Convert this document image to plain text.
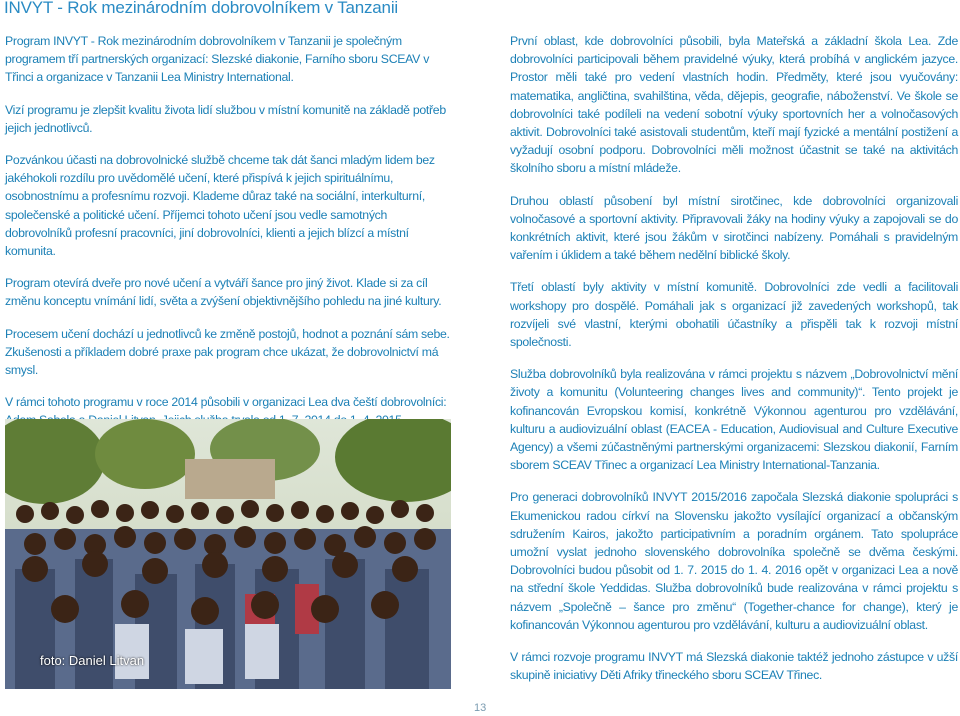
INVYT - Rok mezinárodním dobrovolníkem v Tanzanii

Program INVYT - Rok mezinárodním dobrovolníkem v Tanzanii je společným programem tří partnerských organizací: Slezské diakonie, Farního sboru SCEAV v Třinci a organizace v Tanzanii Lea Ministry International.

Vizí programu je zlepšit kvalitu života lidí službou v místní komunitě na základě potřeb jejich jednotlivců.

Pozvánkou účasti na dobrovolnické službě chceme tak dát šanci mladým lidem bez jakéhokoli rozdílu pro uvědomělé učení, které přispívá k jejich spirituálnímu, osobnostnímu a profesnímu rozvoji. Klademe důraz také na sociální, interkulturní, společenské a politické učení. Příjemci tohoto učení jsou vedle samotných dobrovolníků profesní pracovníci, jiní dobrovolníci, klienti a jejich blízcí a místní komunita.

Program otevírá dveře pro nové učení a vytváří šance pro jiný život. Klade si za cíl změnu konceptu vnímání lidí, světa a zvýšení objektivnějšího pohledu na jiné kultury.

Procesem učení dochází u jednotlivců ke změně postojů, hodnot a poznání sám sebe. Zkušenosti a příkladem dobré praxe pak program chce ukázat, že dobrovolnictví má smysl.

V rámci tohoto programu v roce 2014 působili v organizaci Lea dva čeští dobrovolníci:

foto: Daniel Litvan

První oblast, kde dobrovolníci působili, byla Mateřská a základní škola Lea. Zde dobrovolníci participovali během pravidelné výuky, která probíhá v anglickém jazyce. Prostor měli také pro vedení vlastních hodin. Předměty, které jsou vyučovány: matematika, angličtina, svahilština, věda, dějepis, geografie, náboženství. Ve škole se dobrovolníci také podíleli na vedení sobotní výuky sportovních her a volnočasových aktivit. Dobrovolníci také asistovali studentům, kteří mají fyzické a mentální postižení a vyžadují osobní podporu. Dobrovolníci měli možnost účastnit se také na aktivitách školního sboru a místní mládeže.

Druhou oblastí působení byl místní sirotčinec, kde dobrovolníci organizovali volnočasové a sportovní aktivity. Připravovali žáky na hodiny výuky a zapojovali se do konkrétních aktivit, které jsou žákům v sirotčinci nabízeny. Pomáhali s pravidelným vařením i úklidem a také během nedělní biblické školy.

Třetí oblastí byly aktivity v místní komunitě. Dobrovolníci zde vedli a facilitovali workshopy pro dospělé. Pomáhali jak s organizací již zavedených workshopů, tak rozvíjeli své vlastní, kterými obohatili účastníky a přispěli tak k rozvoji místní společnosti.

Služba dobrovolníků byla realizována v rámci projektu s názvem „Dobrovolnictví mění životy a komunitu (Volunteering changes lives and community)“. Tento projekt je kofinancován Evropskou komisí, konkrétně Výkonnou agenturou pro vzdělávání, kulturu a audiovizuální oblast (EACEA - Education, Audiovisual and Culture Executive Agency) a všemi zúčastněnými partnerskými organizacemi: Slezskou diakonií, Farním sborem SCEAV Třinec a organizací Lea Ministry International-Tanzania.

Pro generaci dobrovolníků INVYT 2015/2016 započala Slezská diakonie spolupráci s Ekumenickou radou církví na Slovensku jakožto vysílající organizací a občanským sdružením Kairos, jakožto participativním a poradním orgánem. Tato spolupráce umožní vyslat jednoho slovenského dobrovolníka společně se dvěma českými. Dobrovolníci budou působit od 1. 7. 2015 do 1. 4. 2016 opět v organizaci Lea a nově na střední škole Yeddidas. Služba dobrovolníků bude realizována v rámci projektu s názvem „Společně – šance pro změnu“ (Together-chance for change), který je kofinancován Výkonnou agenturou pro vzdělávání, kulturu a audiovizuální oblast.

V rámci rozvoje programu INVYT má Slezská diakonie taktéž jednoho zástupce v užší skupině iniciativy Děti Afriky třineckého sboru SCEAV Třinec.

13
